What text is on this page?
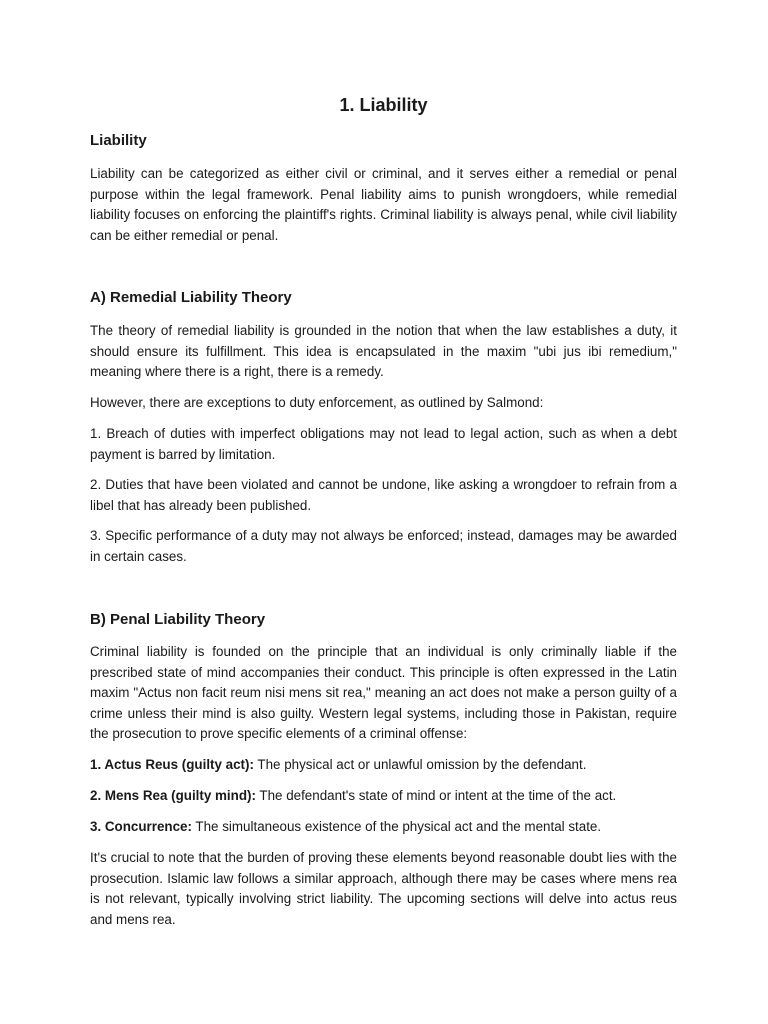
1. Liability
Liability

Liability can be categorized as either civil or criminal, and it serves either a remedial or penal purpose within the legal framework. Penal liability aims to punish wrongdoers, while remedial liability focuses on enforcing the plaintiff's rights. Criminal liability is always penal, while civil liability can be either remedial or penal.

A) Remedial Liability Theory

The theory of remedial liability is grounded in the notion that when the law establishes a duty, it should ensure its fulfillment. This idea is encapsulated in the maxim "ubi jus ibi remedium," meaning where there is a right, there is a remedy.

However, there are exceptions to duty enforcement, as outlined by Salmond:

1. Breach of duties with imperfect obligations may not lead to legal action, such as when a debt payment is barred by limitation.

2. Duties that have been violated and cannot be undone, like asking a wrongdoer to refrain from a libel that has already been published.

3. Specific performance of a duty may not always be enforced; instead, damages may be awarded in certain cases.

B) Penal Liability Theory

Criminal liability is founded on the principle that an individual is only criminally liable if the prescribed state of mind accompanies their conduct. This principle is often expressed in the Latin maxim "Actus non facit reum nisi mens sit rea," meaning an act does not make a person guilty of a crime unless their mind is also guilty. Western legal systems, including those in Pakistan, require the prosecution to prove specific elements of a criminal offense:

1. Actus Reus (guilty act): The physical act or unlawful omission by the defendant.

2. Mens Rea (guilty mind): The defendant's state of mind or intent at the time of the act.

3. Concurrence: The simultaneous existence of the physical act and the mental state.

It's crucial to note that the burden of proving these elements beyond reasonable doubt lies with the prosecution. Islamic law follows a similar approach, although there may be cases where mens rea is not relevant, typically involving strict liability. The upcoming sections will delve into actus reus and mens rea.
